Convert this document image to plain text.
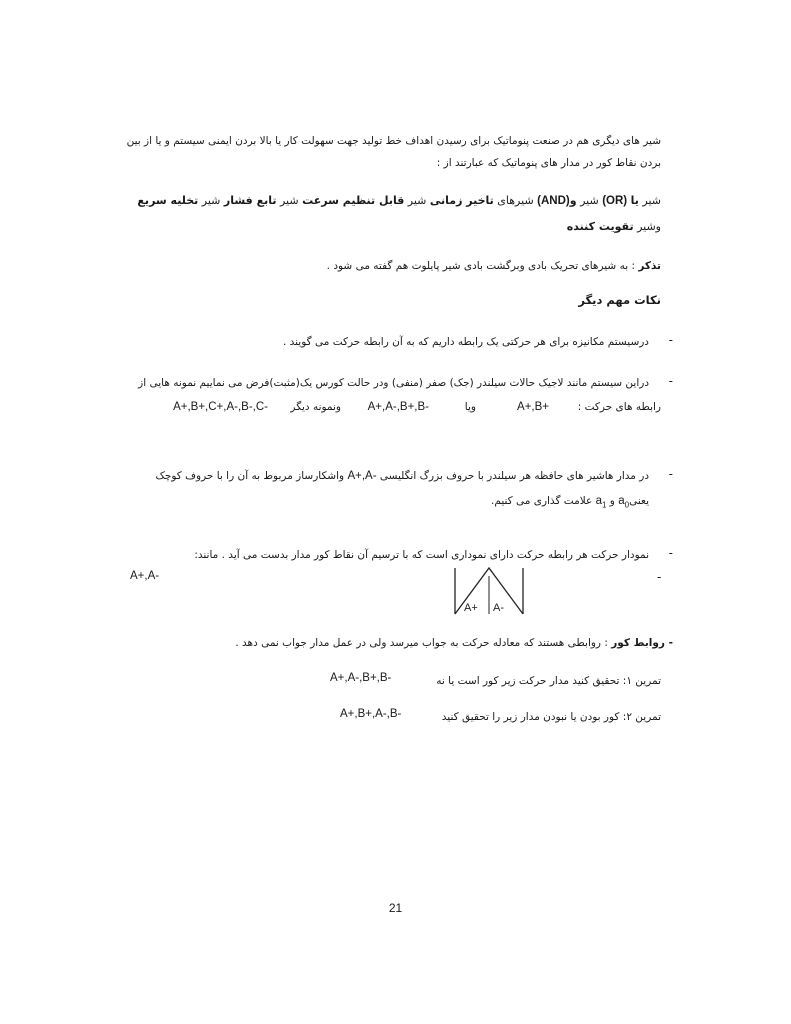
شیر های دیگری هم در صنعت پنوماتیک برای رسیدن اهداف خط تولید جهت سهولت کار یا بالا بردن ایمنی سیستم و یا از بین
بردن نقاط کور در مدار های پنوماتیک که عبارتند از :
شیر یا (OR) شیر و(AND) شیرهای تاخیر زمانی شیر قابل تنظیم سرعت شیر تابع فشار شیر تخلیه سریع وشیر تقویت کننده
تذکر : به شیرهای تحریک بادی وبرگشت بادی شیر پایلوت هم گفته می شود .
نکات مهم دیگر
-
درسیستم مکانیزه برای هر حرکتی یک رابطه داریم که به آن رابطه حرکت می گویند .
-
دراین سیستم مانند لاجیک حالات سیلندر (جک) صفر (منفی) ودر حالت کورس یک(مثبت)فرض می نماییم نمونه هایی از
رابطه های حرکت :
A+,B+
ویا
A+,A-,B+,B-
ونمونه دیگر
A+,B+,C+,A-,B-,C-
-
در مدار هاشیر های حافظه هر سیلندر با حروف بزرگ انگلیسی A+,A- واشکارساز مربوط به آن را با حروف کوچک
یعنیa$_0$ و $a_1$ علامت گذاری می کنیم.
-
نمودار حرکت هر رابطه حرکت دارای نموداری است که با ترسیم آن نقاط کور مدار بدست می آید . مانند:
A+,A-	-
A+ A-
- روابط کور : روابطی هستند که معادله حرکت به جواب میرسد ولی در عمل مدار جواب نمی دهد .
تمرین ۱: تحقیق کنید مدار حرکت زیر کور است یا نه
A+,A-,B+,B-
تمرین ۲: کور بودن یا نبودن مدار زیر را تحقیق کنید
A+,B+,A-,B-
21
